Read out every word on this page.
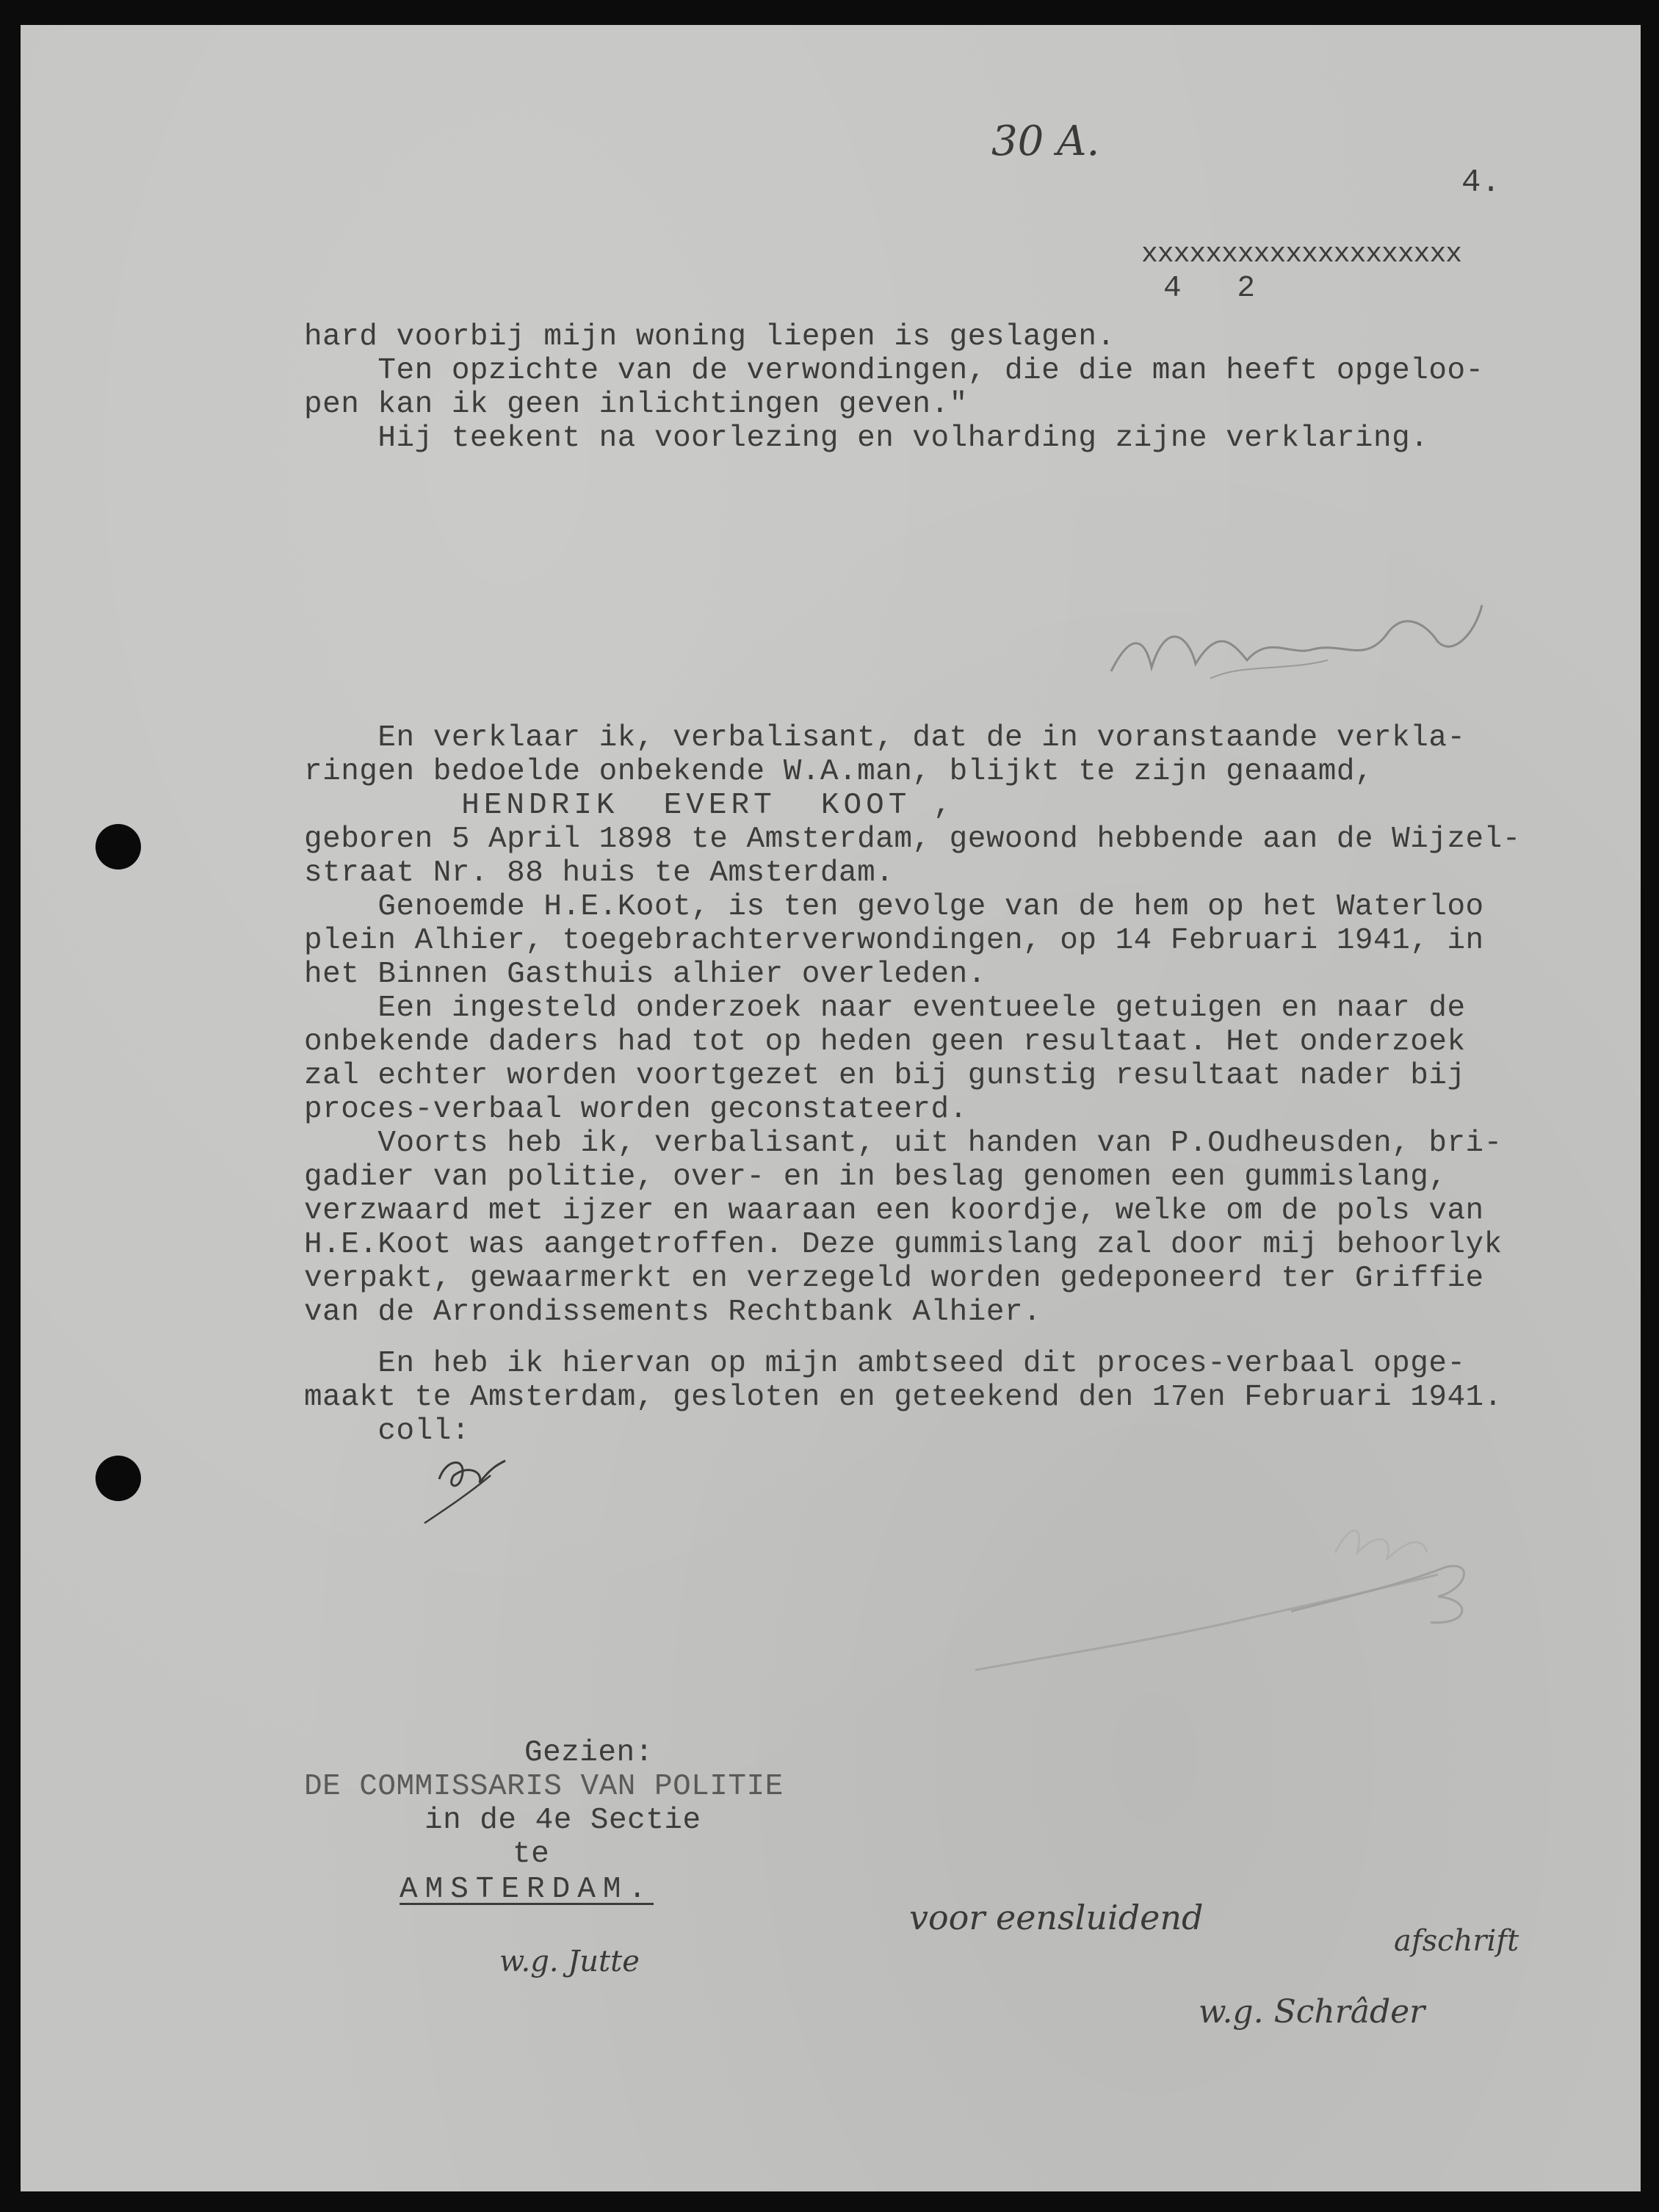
30 A.
4.
xxxxxxxxxxxxxxxxxxxx
4   2
hard voorbij mijn woning liepen is geslagen.
Ten opzichte van de verwondingen, die die man heeft opgeloo-
pen kan ik geen inlichtingen geven."
Hij teekent na voorlezing en volharding zijne verklaring.
En verklaar ik, verbalisant, dat de in voranstaande verkla-
ringen bedoelde onbekende W.A.man, blijkt te zijn genaamd,
HENDRIK  EVERT  KOOT ,
geboren 5 April 1898 te Amsterdam, gewoond hebbende aan de Wijzel-
straat Nr. 88 huis te Amsterdam.
Genoemde H.E.Koot, is ten gevolge van de hem op het Waterloo
plein Alhier, toegebrachterverwondingen, op 14 Februari 1941, in
het Binnen Gasthuis alhier overleden.
Een ingesteld onderzoek naar eventueele getuigen en naar de
onbekende daders had tot op heden geen resultaat. Het onderzoek
zal echter worden voortgezet en bij gunstig resultaat nader bij
proces-verbaal worden geconstateerd.
Voorts heb ik, verbalisant, uit handen van P.Oudheusden, bri-
gadier van politie, over- en in beslag genomen een gummislang,
verzwaard met ijzer en waaraan een koordje, welke om de pols van
H.E.Koot was aangetroffen. Deze gummislang zal door mij behoorlyk
verpakt, gewaarmerkt en verzegeld worden gedeponeerd ter Griffie
van de Arrondissements Rechtbank Alhier.
En heb ik hiervan op mijn ambtseed dit proces-verbaal opge-
maakt te Amsterdam, gesloten en geteekend den 17en Februari 1941.
coll:
Gezien:
DE COMMISSARIS VAN POLITIE
in de 4e Sectie
te
AMSTERDAM.
w.g. Jutte
voor eensluidend
afschrift
w.g. Schrâder
